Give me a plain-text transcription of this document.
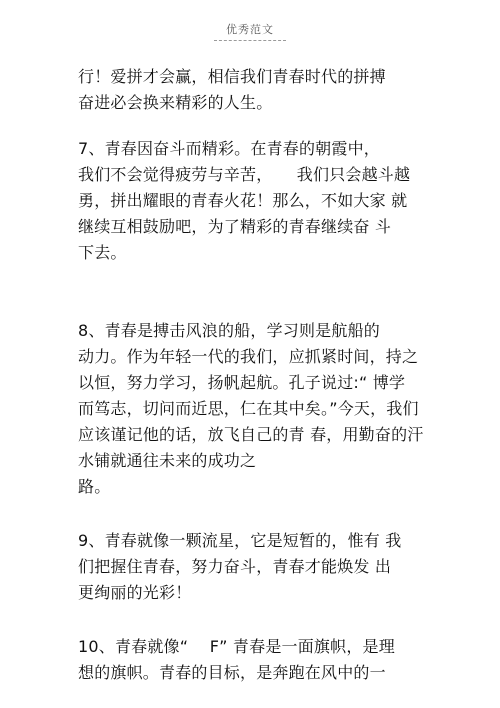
优秀范文
行！爱拼才会赢，相信我们青春时代的拼搏
奋进必会换来精彩的人生。
7、青春因奋斗而精彩。在青春的朝霞中，
我们不会觉得疲劳与辛苦，　　我们只会越斗越
勇，拼出耀眼的青春火花！那么，不如大家 就
继续互相鼓励吧，为了精彩的青春继续奋 斗
下去。
8、青春是搏击风浪的船，学习则是航船的
动力。作为年轻一代的我们，应抓紧时间，持之
以恒，努力学习，扬帆起航。孔子说过:“ 博学
而笃志，切问而近思，仁在其中矣。”今天，我们
应该谨记他的话，放飞自己的青 春，用勤奋的汗
水铺就通往未来的成功之
路。
9、青春就像一颗流星，它是短暂的，惟有 我
们把握住青春，努力奋斗，青春才能焕发 出
更绚丽的光彩！
10、青春就像“　 F” 青春是一面旗帜，是理
想的旗帜。青春的目标，是奔跑在风中的一
